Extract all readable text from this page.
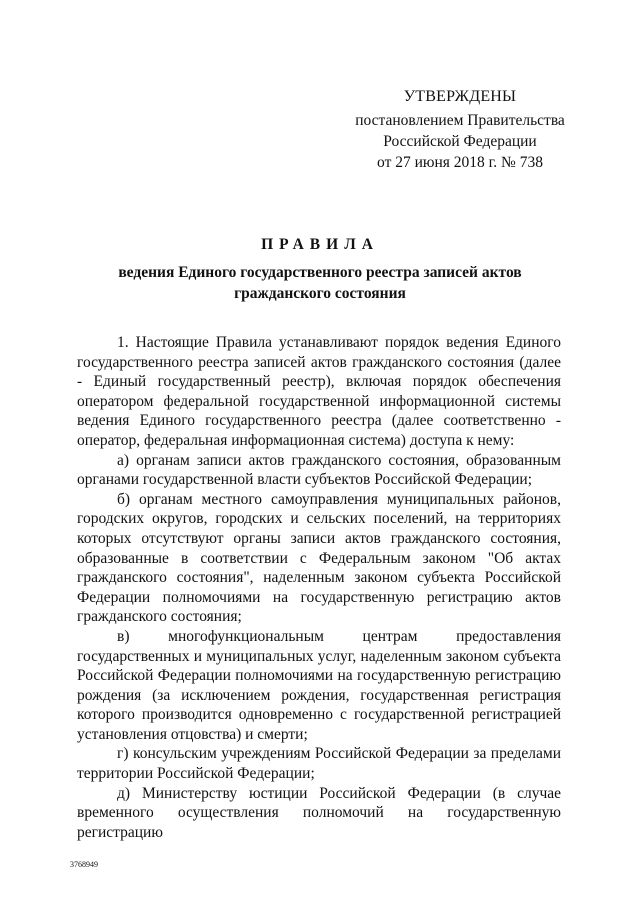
УТВЕРЖДЕНЫ
постановлением Правительства
Российской Федерации
от 27 июня 2018 г. № 738
ПРАВИЛА
ведения Единого государственного реестра записей актов гражданского состояния

1. Настоящие Правила устанавливают порядок ведения Единого государственного реестра записей актов гражданского состояния (далее - Единый государственный реестр), включая порядок обеспечения оператором федеральной государственной информационной системы ведения Единого государственного реестра (далее соответственно - оператор, федеральная информационная система) доступа к нему:

а) органам записи актов гражданского состояния, образованным органами государственной власти субъектов Российской Федерации;

б) органам местного самоуправления муниципальных районов, городских округов, городских и сельских поселений, на территориях которых отсутствуют органы записи актов гражданского состояния, образованные в соответствии с Федеральным законом "Об актах гражданского состояния", наделенным законом субъекта Российской Федерации полномочиями на государственную регистрацию актов гражданского состояния;

в) многофункциональным центрам предоставления государственных и муниципальных услуг, наделенным законом субъекта Российской Федерации полномочиями на государственную регистрацию рождения (за исключением рождения, государственная регистрация которого производится одновременно с государственной регистрацией установления отцовства) и смерти;

г) консульским учреждениям Российской Федерации за пределами территории Российской Федерации;

д) Министерству юстиции Российской Федерации (в случае временного осуществления полномочий на государственную регистрацию

3768949
